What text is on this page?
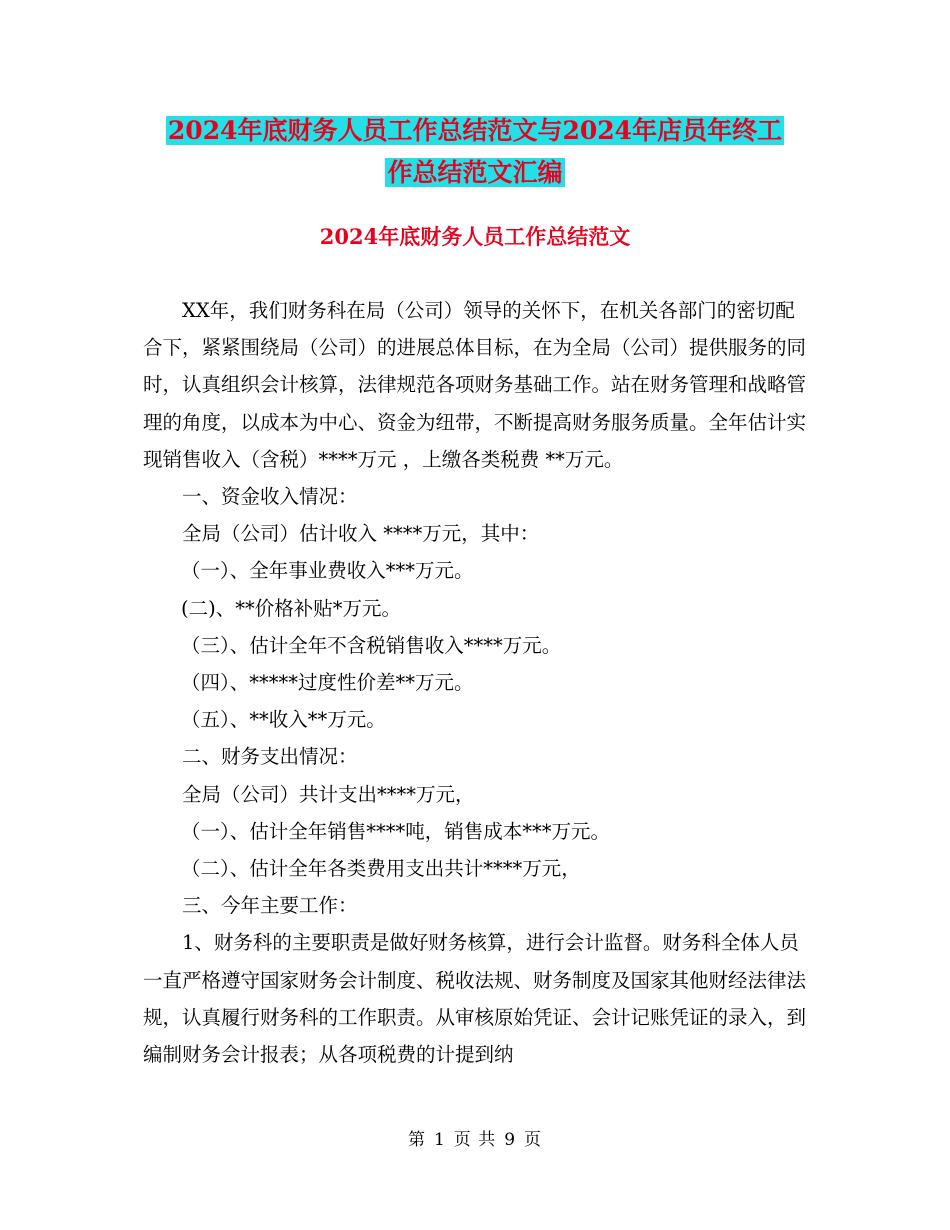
2024年底财务人员工作总结范文与2024年店员年终工
作总结范文汇编
2024年底财务人员工作总结范文

XX年，我们财务科在局（公司）领导的关怀下，在机关各部门的密切配合下，紧紧围绕局（公司）的进展总体目标，在为全局（公司）提供服务的同时，认真组织会计核算，法律规范各项财务基础工作。站在财务管理和战略管理的角度，以成本为中心、资金为纽带，不断提高财务服务质量。全年估计实现销售收入（含税）****万元 ，上缴各类税费 **万元。

一、资金收入情况：

全局（公司）估计收入 ****万元，其中：

（一）、全年事业费收入***万元。

(二)、**价格补贴*万元。

（三）、估计全年不含税销售收入****万元。

（四）、*****过度性价差**万元。

（五）、**收入**万元。

二、财务支出情况：

全局（公司）共计支出****万元，

（一）、估计全年销售****吨，销售成本***万元。

（二）、估计全年各类费用支出共计****万元，

三、今年主要工作：

1、财务科的主要职责是做好财务核算，进行会计监督。财务科全体人员一直严格遵守国家财务会计制度、税收法规、财务制度及国家其他财经法律法规，认真履行财务科的工作职责。从审核原始凭证、会计记账凭证的录入，到编制财务会计报表；从各项税费的计提到纳

第 1 页 共 9 页
